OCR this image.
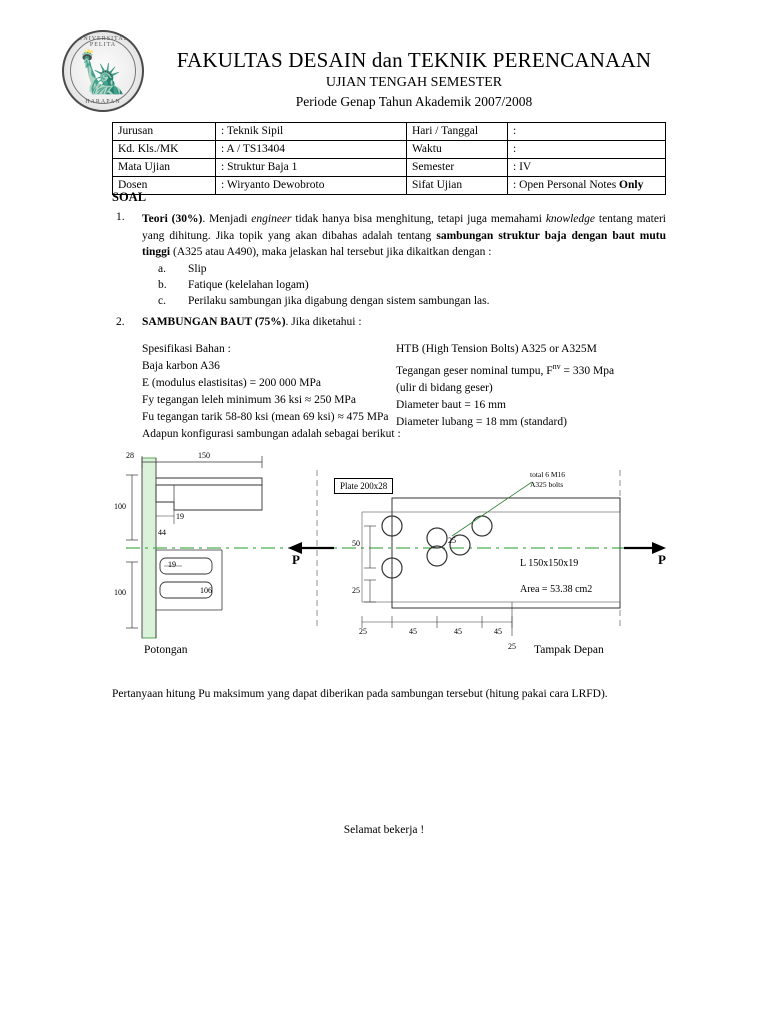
UNIVERSITAS PELITA
🗽
HARAPAN
FAKULTAS DESAIN dan TEKNIK PERENCANAAN
UJIAN TENGAH SEMESTER
Periode Genap Tahun Akademik 2007/2008
Jurusan	: Teknik Sipil	Hari / Tanggal	:
Kd. Kls./MK	: A / TS13404	Waktu	:
Mata Ujian	: Struktur Baja 1	Semester	: IV
Dosen	: Wiryanto Dewobroto	Sifat Ujian	: Open Personal Notes Only
SOAL
1. Teori (30%). Menjadi engineer tidak hanya bisa menghitung, tetapi juga memahami knowledge tentang materi yang dihitung. Jika topik yang akan dibahas adalah tentang sambungan struktur baja dengan baut mutu tinggi (A325 atau A490), maka jelaskan hal tersebut jika dikaitkan dengan :
a. Slip
b. Fatique (kelelahan logam)
c. Perilaku sambungan jika digabung dengan sistem sambungan las.
2. SAMBUNGAN BAUT (75%). Jika diketahui :
Spesifikasi Bahan :
Baja karbon A36
E (modulus elastisitas) = 200 000 MPa
Fy tegangan leleh minimum 36 ksi ≈ 250 MPa
Fu tegangan tarik 58-80 ksi (mean 69 ksi) ≈ 475 MPa
HTB (High Tension Bolts) A325 or A325M
Tegangan geser nominal tumpu, $F^{nv} = 330$ Mpa
(ulir di bidang geser)
Diameter baut = 16 mm
Diameter lubang = 18 mm (standard)
Adapun konfigurasi sambungan adalah sebagai berikut :
28	150
100
100
19
44
19
106
50
25
25	45	45	45
25
25
Plate 200x28
total 6 M16
A325 bolts
L 150x150x19
Area = 53.38 cm2
Potongan	Tampak Depan
P	P
Pertanyaan hitung Pu maksimum yang dapat diberikan pada sambungan tersebut (hitung pakai cara LRFD).
Selamat bekerja !
